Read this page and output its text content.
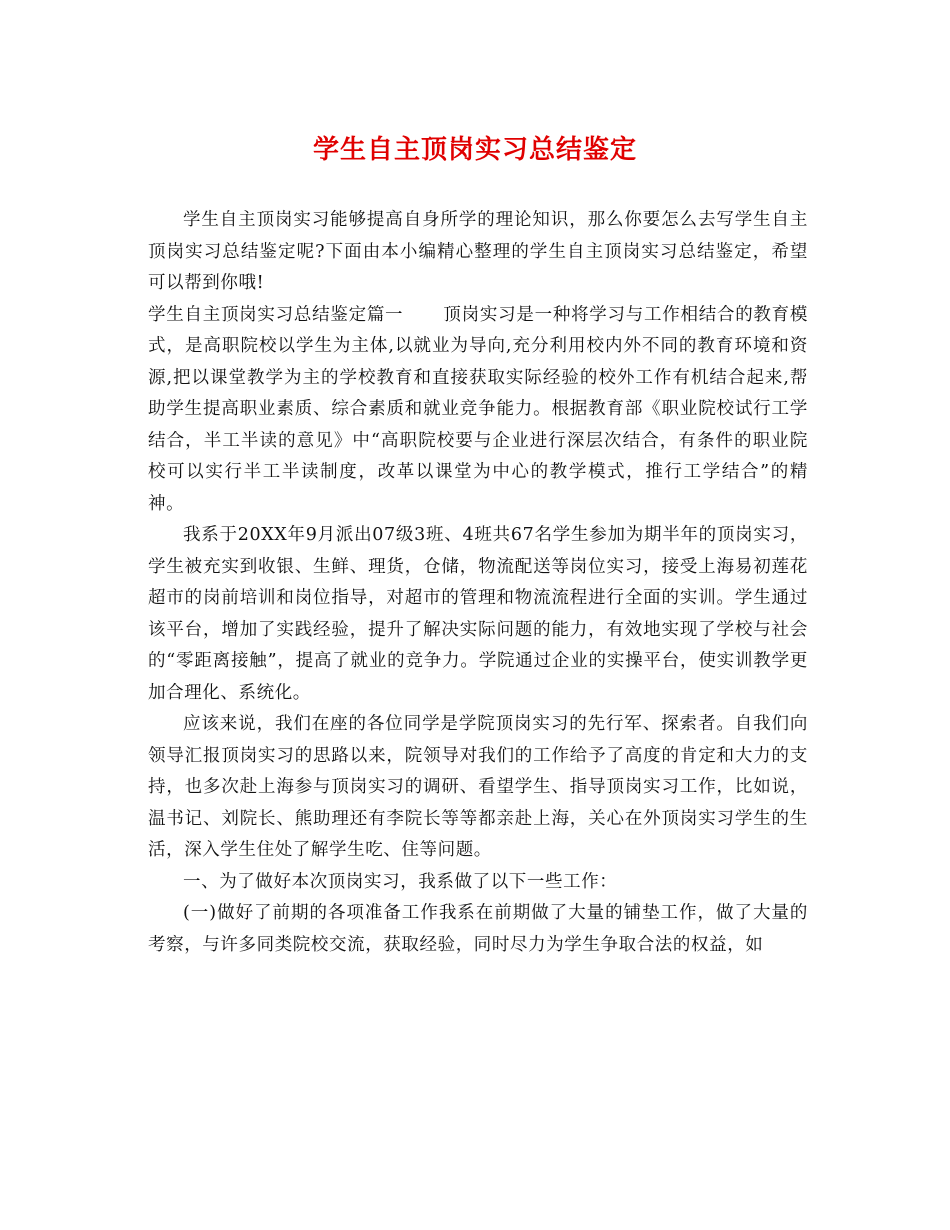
学生自主顶岗实习总结鉴定

学生自主顶岗实习能够提高自身所学的理论知识，那么你要怎么去写学生自主顶岗实习总结鉴定呢?下面由本小编精心整理的学生自主顶岗实习总结鉴定，希望可以帮到你哦!

学生自主顶岗实习总结鉴定篇一 顶岗实习是一种将学习与工作相结合的教育模式，是高职院校以学生为主体,以就业为导向,充分利用校内外不同的教育环境和资源,把以课堂教学为主的学校教育和直接获取实际经验的校外工作有机结合起来,帮助学生提高职业素质、综合素质和就业竞争能力。根据教育部《职业院校试行工学结合，半工半读的意见》中“高职院校要与企业进行深层次结合，有条件的职业院校可以实行半工半读制度，改革以课堂为中心的教学模式，推行工学结合”的精神。

我系于20XX年9月派出07级3班、4班共67名学生参加为期半年的顶岗实习，学生被充实到收银、生鲜、理货，仓储，物流配送等岗位实习，接受上海易初莲花超市的岗前培训和岗位指导，对超市的管理和物流流程进行全面的实训。学生通过该平台，增加了实践经验，提升了解决实际问题的能力，有效地实现了学校与社会的“零距离接触”，提高了就业的竞争力。学院通过企业的实操平台，使实训教学更加合理化、系统化。

应该来说，我们在座的各位同学是学院顶岗实习的先行军、探索者。自我们向领导汇报顶岗实习的思路以来，院领导对我们的工作给予了高度的肯定和大力的支持，也多次赴上海参与顶岗实习的调研、看望学生、指导顶岗实习工作，比如说，温书记、刘院长、熊助理还有李院长等等都亲赴上海，关心在外顶岗实习学生的生活，深入学生住处了解学生吃、住等问题。

一、为了做好本次顶岗实习，我系做了以下一些工作：

(一)做好了前期的各项准备工作我系在前期做了大量的铺垫工作，做了大量的考察，与许多同类院校交流，获取经验，同时尽力为学生争取合法的权益，如
